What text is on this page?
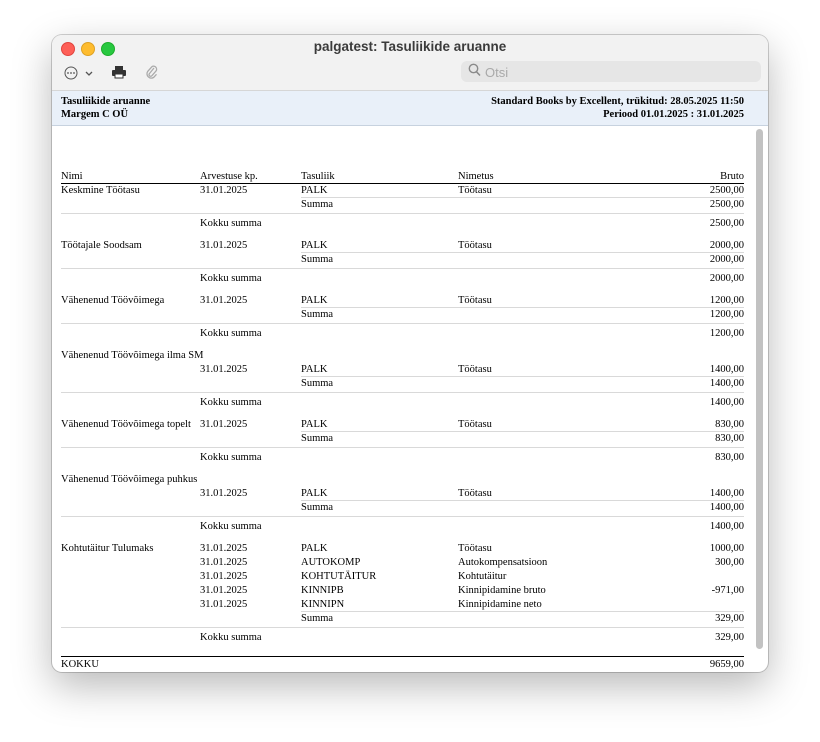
palgatest: Tasuliikide aruanne
Otsi
Tasuliikide aruanne
Margem C OÜ
Standard Books by Excellent, trükitud: 28.05.2025 11:50
Periood 01.01.2025 : 31.01.2025
Nimi	Arvestuse kp.	Tasuliik	Nimetus	Bruto
Keskmine Töötasu	31.01.2025	PALK	Töötasu	2500,00
Summa	2500,00
Kokku summa	2500,00
Töötajale Soodsam	31.01.2025	PALK	Töötasu	2000,00
Summa	2000,00
Kokku summa	2000,00
Vähenenud Töövõimega	31.01.2025	PALK	Töötasu	1200,00
Summa	1200,00
Kokku summa	1200,00
Vähenenud Töövõimega ilma SM
31.01.2025	PALK	Töötasu	1400,00
Summa	1400,00
Kokku summa	1400,00
Vähenenud Töövõimega topelt 31.01.2025	PALK	Töötasu	830,00
Summa	830,00
Kokku summa	830,00
Vähenenud Töövõimega puhkus
31.01.2025	PALK	Töötasu	1400,00
Summa	1400,00
Kokku summa	1400,00
Kohtutäitur Tulumaks	31.01.2025	PALK	Töötasu	1000,00
31.01.2025	AUTOKOMP	Autokompensatsioon	300,00
31.01.2025	KOHTUTÄITUR	Kohtutäitur
31.01.2025	KINNIPB	Kinnipidamine bruto	-971,00
31.01.2025	KINNIPN	Kinnipidamine neto
Summa	329,00
Kokku summa	329,00
KOKKU	9659,00
